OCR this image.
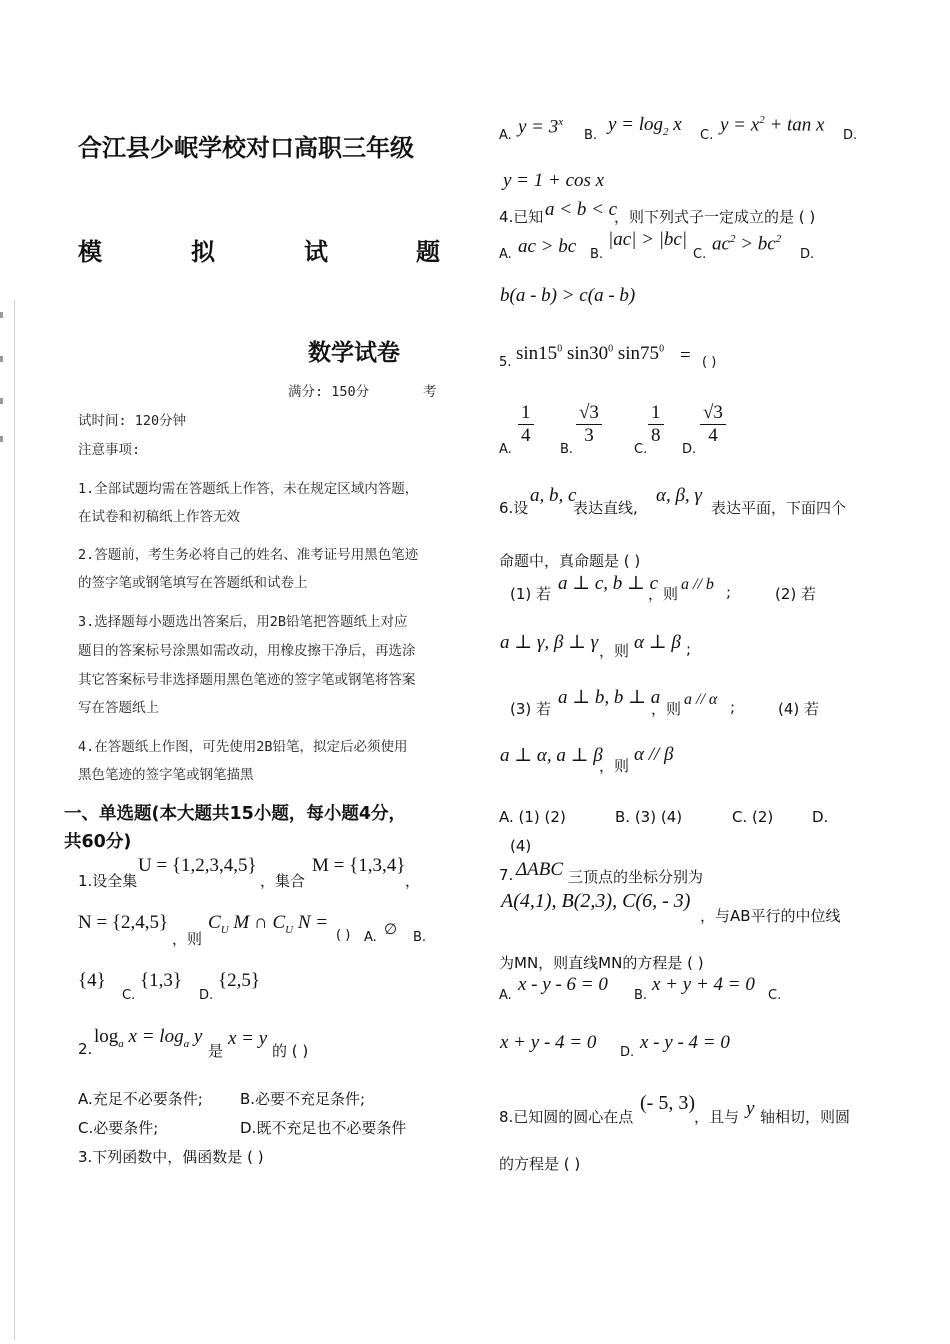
合江县少岷学校对口高职三年级
模	拟	试	题
数学试卷
满分: 150分	考
试时间: 120分钟
注意事项:
1.全部试题均需在答题纸上作答，未在规定区域内答题，
在试卷和初稿纸上作答无效
2.答题前，考生务必将自己的姓名、准考证号用黑色笔迹
的签字笔或钢笔填写在答题纸和试卷上
3.选择题每小题选出答案后，用2B铅笔把答题纸上对应
题目的答案标号涂黑如需改动，用橡皮擦干净后，再选涂
其它答案标号非选择题用黑色笔迹的签字笔或钢笔将答案
写在答题纸上
4.在答题纸上作图，可先使用2B铅笔，拟定后必须使用
黑色笔迹的签字笔或钢笔描黑
一、单选题(本大题共15小题，每小题4分，
共60分)
1.设全集
U = {1,2,3,4,5}
，集合
M = {1,3,4}
，
N = {2,4,5}
，则
$C_U$ M ∩ $C_U$ N =
( ) A. ∅ B.
{4}
C.
{1,3}
D.
{2,5}
2.
$\log_a x = \log_a y$
是
x = y
的 ( )
A.充足不必要条件; B.必要不充足条件;
C.必要条件;	D.既不充足也不必要条件
3.下列函数中，偶函数是 ( )
A. $y = 3^x$
B.
$y = \log_2 x$
C.
$y = x^2 + \tan x$
D.
y = 1 + cos x
4.已知 a < b < c
，则下列式子一定成立的是 ( )
A. ac > bc B.
|ac| > |bc|
C.
$ac^2 > bc^2$
D.
b(a - b) > c(a - b)
5. $\sin 15^0$ $\sin 30^0$ $\sin 75^0$ = ( )
A.
$\frac{1}{4}$
B.
$\frac{√3}{3}$
C.
$\frac{1}{8}$
D.
$\frac{√3}{4}$
6.设
a, b, c
表达直线,
α, β, γ
表达平面，下面四个
命题中，真命题是 ( )
(1) 若 a ⊥ c, b ⊥ c
，则
a // b ;	(2) 若
a ⊥ γ, β ⊥ γ ，则 α ⊥ β ;
(3) 若
a ⊥ b, b ⊥ a
，则
a // α ;	(4) 若
a ⊥ α, a ⊥ β
，则
α // β
A. (1) (2)	B. (3) (4)	C. (2)	D.
(4)
7. ΔABC 三顶点的坐标分别为
A(4,1), B(2,3), C(6, - 3)
，与AB平行的中位线
为MN，则直线MN的方程是 ( )
A.
x - y - 6 = 0
B.
x + y + 4 = 0
C.
x + y - 4 = 0 D. x - y - 4 = 0
8.已知圆的圆心在点
(- 5, 3)
，且与 y 轴相切，则圆
的方程是 ( )
